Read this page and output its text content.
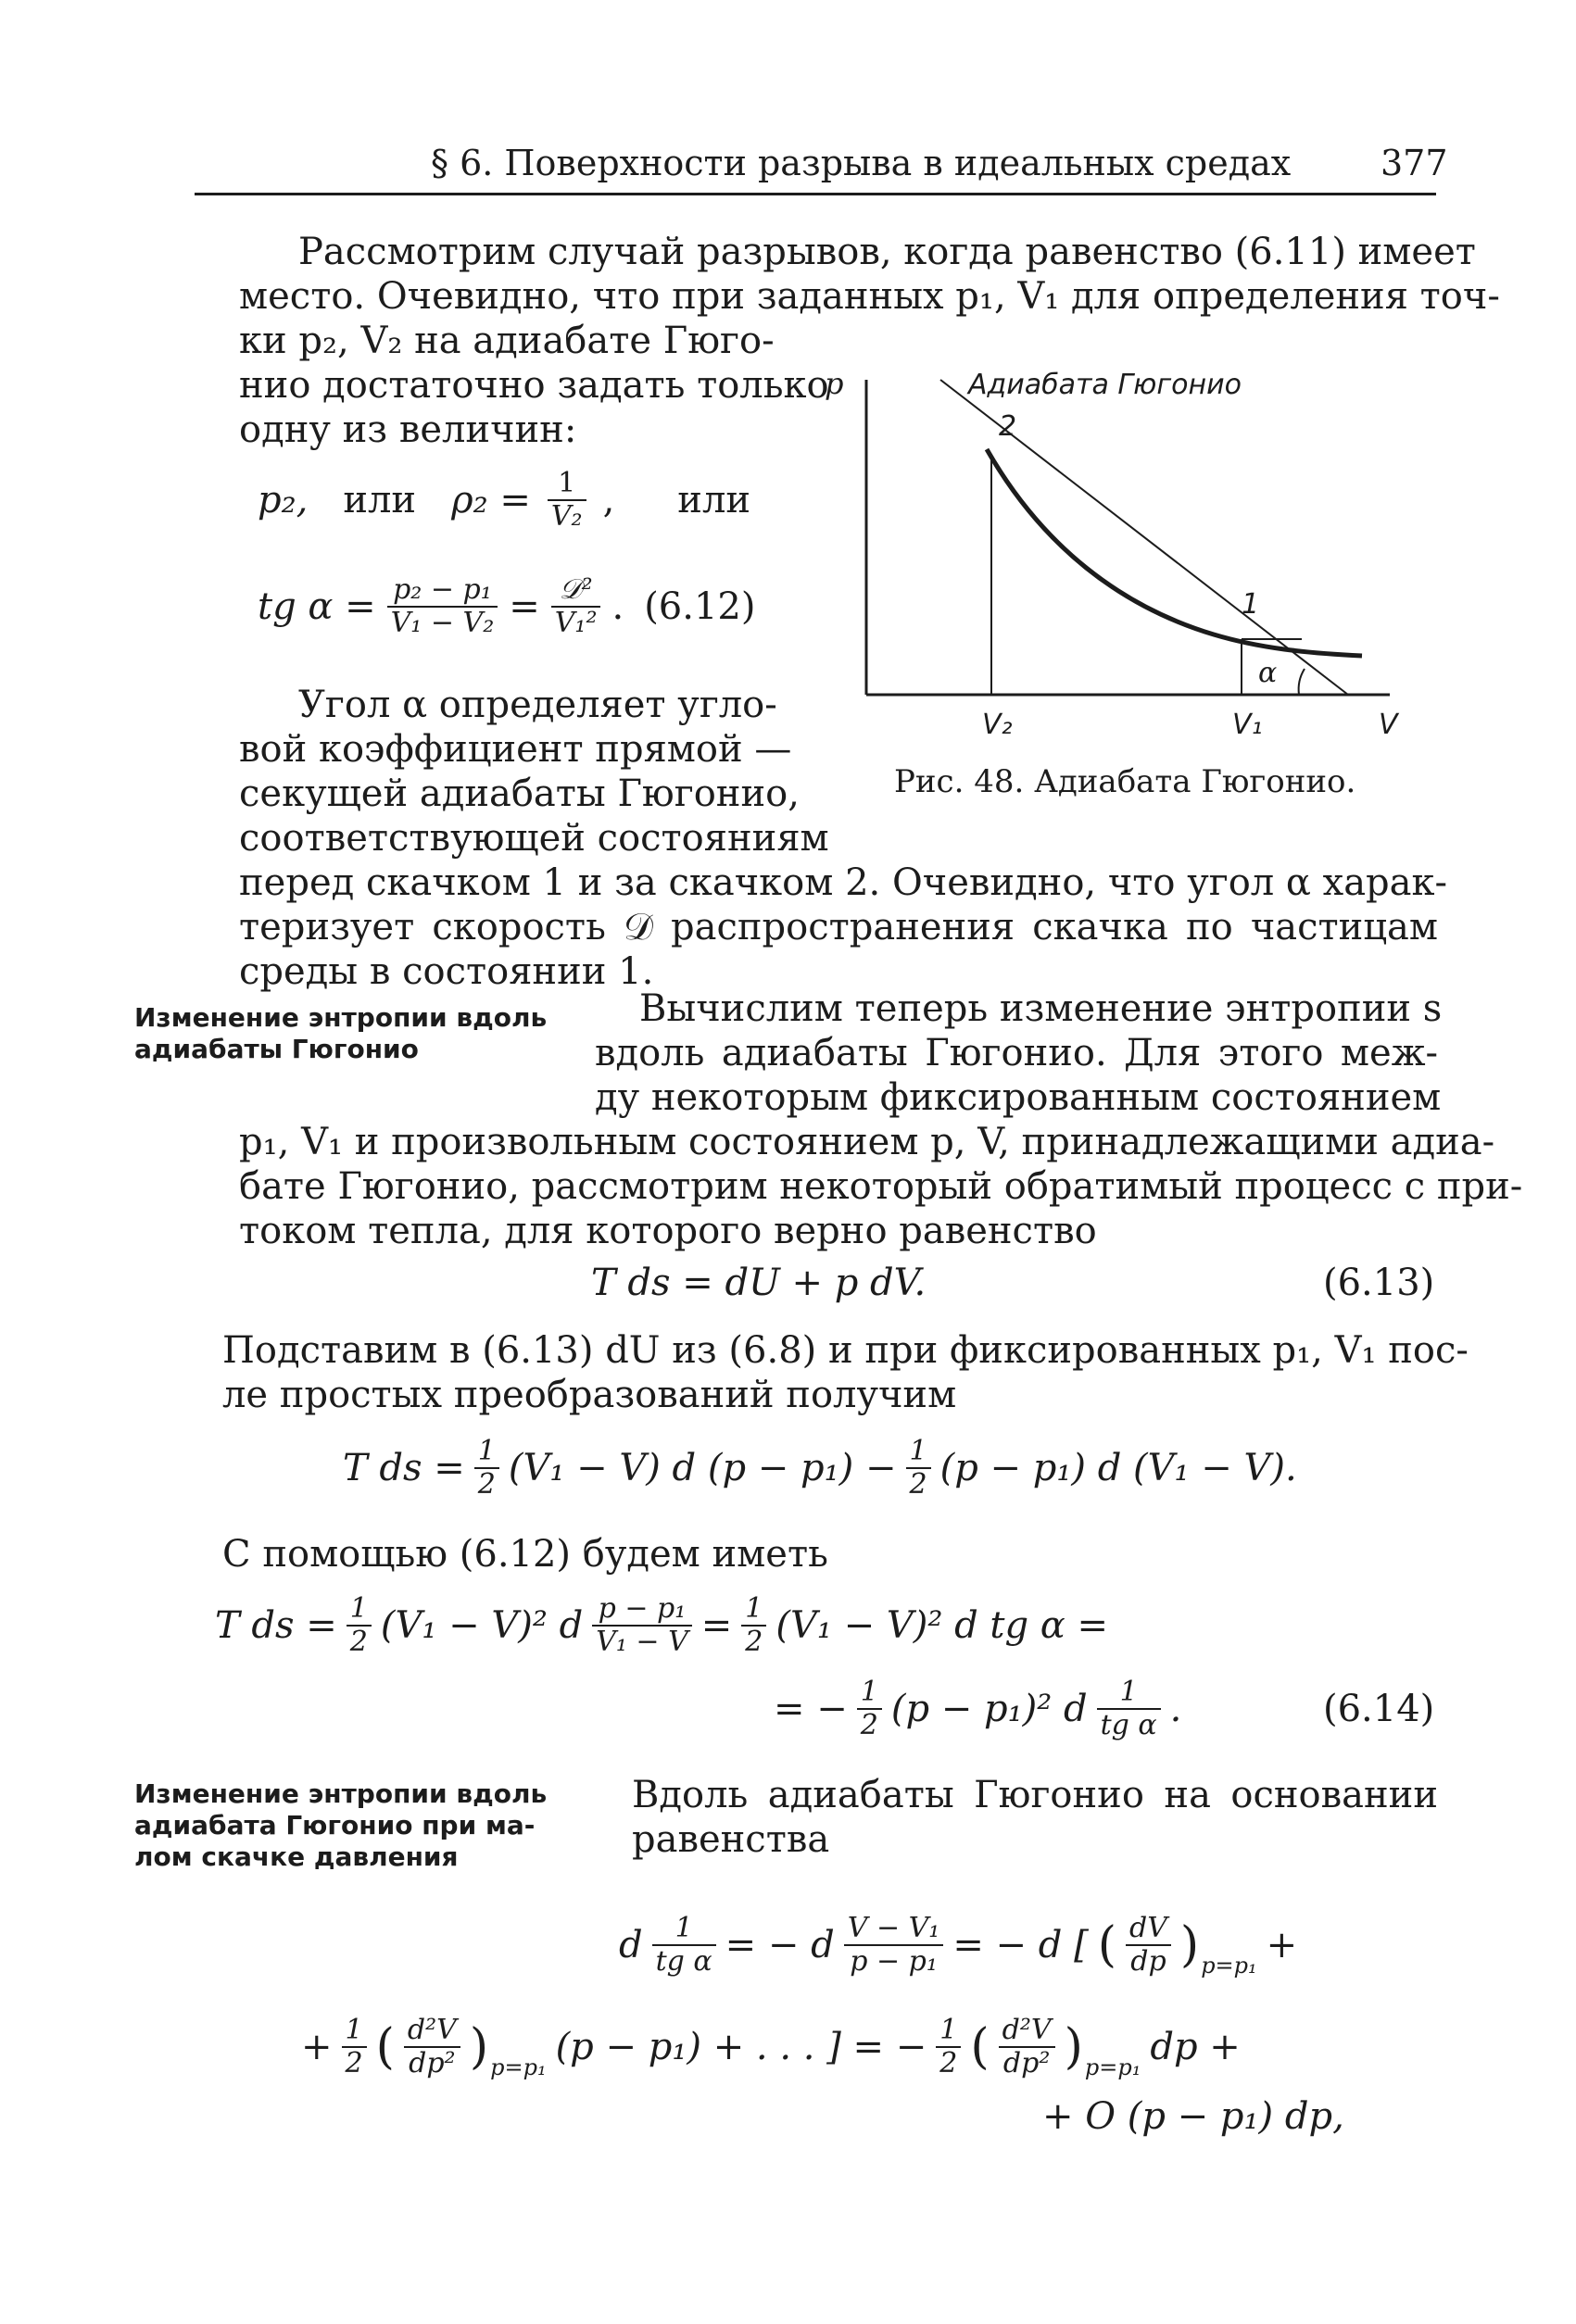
§ 6. Поверхности разрыва в идеальных средах	377
Рассмотрим случай разрывов, когда равенство (6.11) имеет
место. Очевидно, что при заданных p₁, V₁ для определения точ-
ки p₂, V₂ на адиабате Гюго-
нио достаточно задать только
одну из величин:
p₂, или $\rho_2 = \frac{1}{\text{V₂}}$ , или
tg $\alpha = \frac{\text{p₂ − p₁}}{\text{V₁ − V₂}} = \frac{\text{𝒟²}}{\text{V₁²}}$ . (6.12)
Угол α определяет угло-
вой коэффициент прямой —
секущей адиабаты Гюгонио,
соответствующей состояниям
перед скачком 1 и за скачком 2. Очевидно, что угол α харак-
теризует скорость 𝒟 распространения скачка по частицам
среды в состоянии 1.
p	Адиабата Гюгонио
2
1
α
V₂	V₁	V
Рис. 48. Адиабата Гюгонио.
Изменение энтропии вдоль
адиабаты Гюгонио
Вычислим теперь изменение энтропии s
вдоль адиабаты Гюгонио. Для этого меж-
ду некоторым фиксированным состоянием
p₁, V₁ и произвольным состоянием p, V, принадлежащими адиа-
бате Гюгонио, рассмотрим некоторый обратимый процесс с при-
током тепла, для которого верно равенство
T ds = dU + p dV.	(6.13)
Подставим в (6.13) dU из (6.8) и при фиксированных p₁, V₁ пос-
ле простых преобразований получим
T ds = $\frac{1}{2} (V_1 - V)$ d $(p - p_1) - \frac{1}{2} (p - p_1)$ d (V₁ − V).
С помощью (6.12) будем иметь
T ds = $\frac{1}{2} (V_1 - V)^2$ d $\frac{\text{p − p₁}}{\text{V₁ − V}} = \frac{1}{2} (V_1 - V)^2$ d tg α =
= − $\frac{1}{2} (p - p_1)^2$ d $\frac{1}{\text{tg α}}$ .	(6.14)
Изменение энтропии вдоль
адиабата Гюгонио при ма-
лом скачке давления
Вдоль адиабаты Гюгонио на основании
равенства
d $\frac{1}{\text{tg α}}$ = − d $\frac{\text{V − V₁}}{\text{p − p₁}}$ = − d [ ( $\frac{dV}{dp}$ ) p=p₁ +
+ $\frac{1}{2}$ ( $\frac{\text{d²V}}{\text{dp²}}$ ) p=p₁ (p − p₁) + . . . ] = − $\frac{1}{2}$ ( $\frac{\text{d²V}}{\text{dp²}}$ ) p=p₁ dp +
+ O (p − p₁) dp,
